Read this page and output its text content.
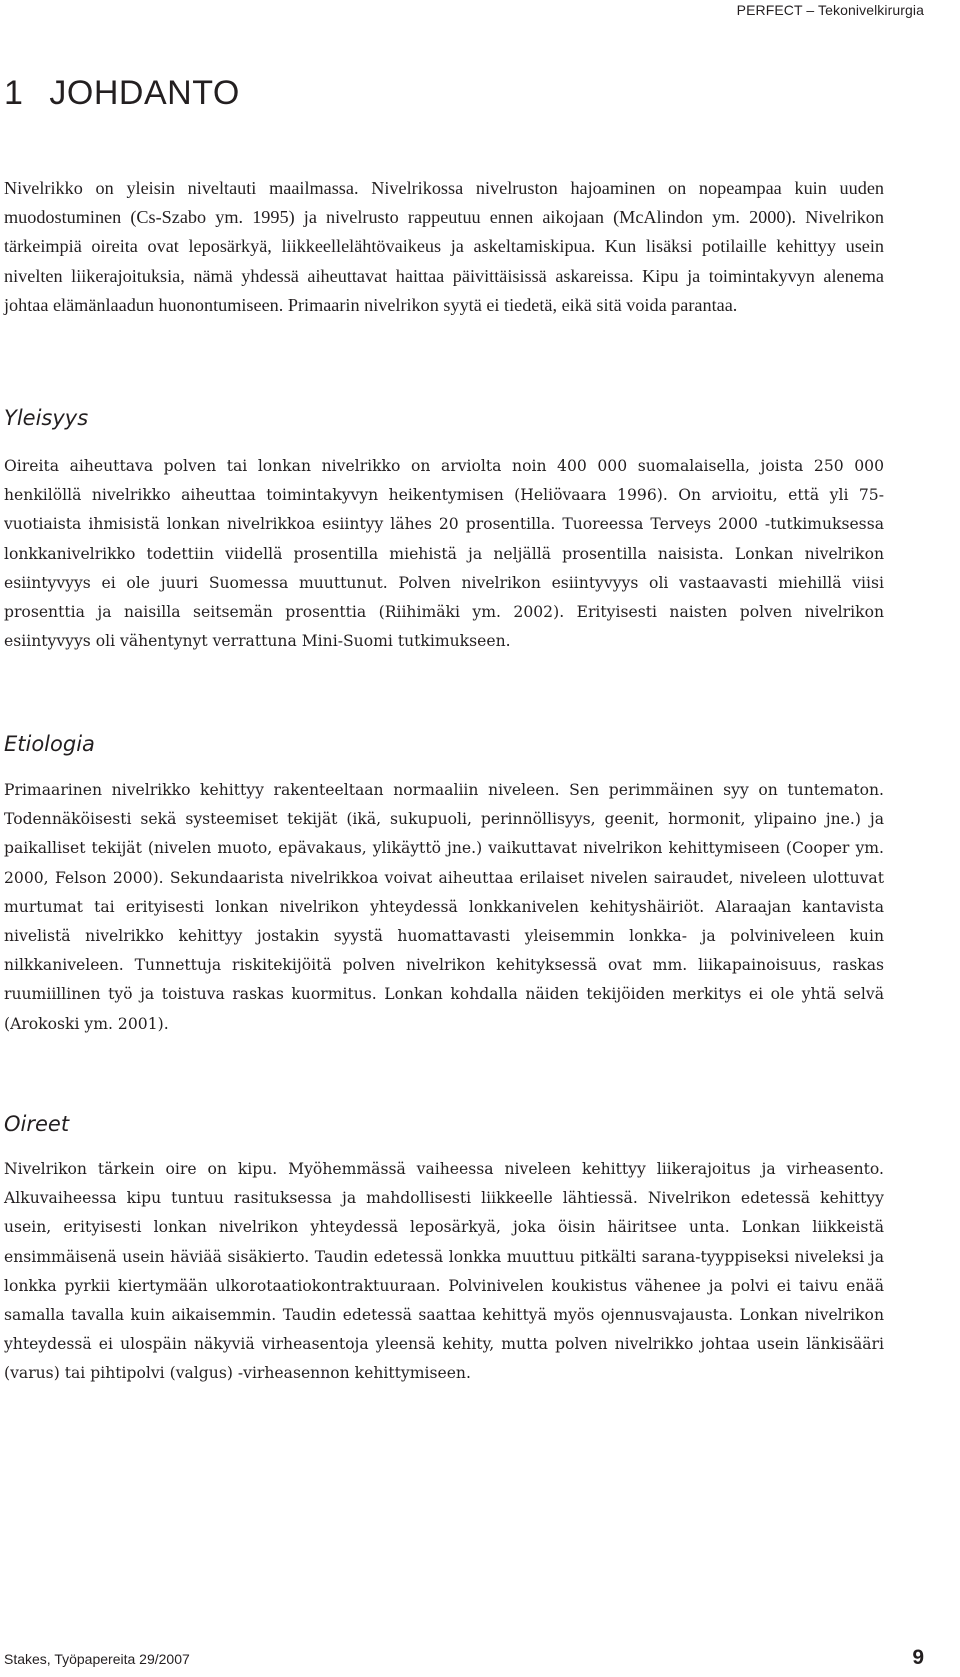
PERFECT – Tekonivelkirurgia
1 JOHDANTO

Nivelrikko on yleisin niveltauti maailmassa. Nivelrikossa nivelruston hajoaminen on nopeampaa kuin uuden muodostuminen (Cs-Szabo ym. 1995) ja nivelrusto rappeutuu ennen aikojaan (McAlindon ym. 2000). Nivelrikon tärkeimpiä oireita ovat leposärkyä, liikkeellelähtövaikeus ja askeltamiskipua. Kun lisäksi potilaille kehittyy usein nivelten liikerajoituksia, nämä yhdessä aiheuttavat haittaa päivittäisissä askareissa. Kipu ja toimintakyvyn alenema johtaa elämänlaadun huonontumiseen. Primaarin nivelrikon syytä ei tiedetä, eikä sitä voida parantaa.

Yleisyys

Oireita aiheuttava polven tai lonkan nivelrikko on arviolta noin 400 000 suomalaisella, joista 250 000 henkilöllä nivelrikko aiheuttaa toimintakyvyn heikentymisen (Heliövaara 1996). On arvioitu, että yli 75-vuotiaista ihmisistä lonkan nivelrikkoa esiintyy lähes 20 prosentilla. Tuoreessa Terveys 2000 -tutkimuksessa lonkkanivelrikko todettiin viidellä prosentilla miehistä ja neljällä prosentilla naisista. Lonkan nivelrikon esiintyvyys ei ole juuri Suomessa muuttunut. Polven nivelrikon esiintyvyys oli vastaavasti miehillä viisi prosenttia ja naisilla seitsemän prosenttia (Riihimäki ym. 2002). Erityisesti naisten polven nivelrikon esiintyvyys oli vähentynyt verrattuna Mini-Suomi tutkimukseen.

Etiologia

Primaarinen nivelrikko kehittyy rakenteeltaan normaaliin niveleen. Sen perimmäinen syy on tuntematon. Todennäköisesti sekä systeemiset tekijät (ikä, sukupuoli, perinnöllisyys, geenit, hormonit, ylipaino jne.) ja paikalliset tekijät (nivelen muoto, epävakaus, ylikäyttö jne.) vaikuttavat nivelrikon kehittymiseen (Cooper ym. 2000, Felson 2000). Sekundaarista nivelrikkoa voivat aiheuttaa erilaiset nivelen sairaudet, niveleen ulottuvat murtumat tai erityisesti lonkan nivelrikon yhteydessä lonkkanivelen kehityshäiriöt. Alaraajan kantavista nivelistä nivelrikko kehittyy jostakin syystä huomattavasti yleisemmin lonkka- ja polviniveleen kuin nilkkaniveleen. Tunnettuja riskitekijöitä polven nivelrikon kehityksessä ovat mm. liikapainoisuus, raskas ruumiillinen työ ja toistuva raskas kuormitus. Lonkan kohdalla näiden tekijöiden merkitys ei ole yhtä selvä (Arokoski ym. 2001).

Oireet

Nivelrikon tärkein oire on kipu. Myöhemmässä vaiheessa niveleen kehittyy liikerajoitus ja virheasento. Alkuvaiheessa kipu tuntuu rasituksessa ja mahdollisesti liikkeelle lähtiessä. Nivelrikon edetessä kehittyy usein, erityisesti lonkan nivelrikon yhteydessä leposärkyä, joka öisin häiritsee unta. Lonkan liikkeistä ensimmäisenä usein häviää sisäkierto. Taudin edetessä lonkka muuttuu pitkälti sarana-tyyppiseksi niveleksi ja lonkka pyrkii kiertymään ulkorotaatiokontraktuuraan. Polvinivelen koukistus vähenee ja polvi ei taivu enää samalla tavalla kuin aikaisemmin. Taudin edetessä saattaa kehittyä myös ojennusvajausta. Lonkan nivelrikon yhteydessä ei ulospäin näkyviä virheasentoja yleensä kehity, mutta polven nivelrikko johtaa usein länkisääri (varus) tai pihtipolvi (valgus) -virheasennon kehittymiseen.

Stakes, Työpapereita 29/2007	9
